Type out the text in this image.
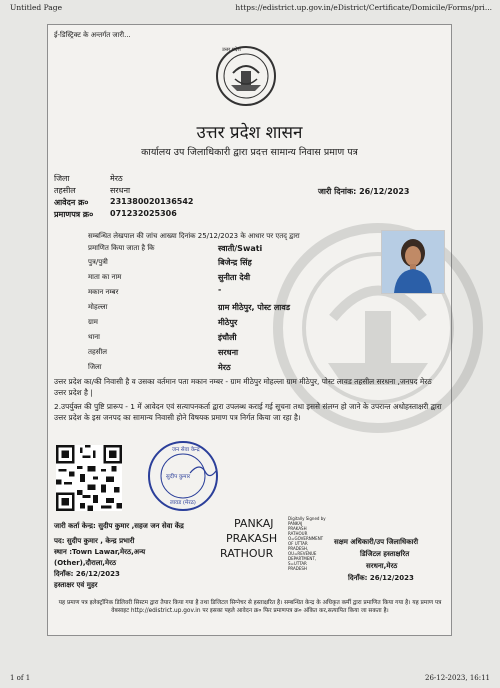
Untitled Page	https://edistrict.up.gov.in/eDistrict/Certificate/Domicile/Forms/pri...
ई-डिस्ट्रिक्ट के अन्तर्गत जारी...
उत्तर प्रदेश
उत्तर प्रदेश शासन
कार्यालय उप जिलाधिकारी द्वारा प्रदत्त सामान्य निवास प्रमाण पत्र
जिला	मेरठ
तहसील	सरधना
आवेदन क्र०	231380020136542
प्रमाणपत्र क्र० 071232025306
जारी दिनांक: 26/12/2023
सम्बन्धित लेखपाल की जांच आख्या दिनांक 25/12/2023 के आधार पर एतद् द्वारा
प्रमाणित किया जाता है कि	स्वाती/Swati
पुत्र/पुत्री	बिजेन्द्र सिंह
माता का नाम	सुनीता देवी
मकान नम्बर	-
मोहल्ला	ग्राम मीठेपुर, पोस्ट लावड
ग्राम	मीठेपुर
थाना	इंचौली
तहसील	सरधना
जिला	मेरठ
उत्तर प्रदेश का/की निवासी है व उसका वर्तमान पता मकान नम्बर - ग्राम मीठेपुर मोहल्ला ग्राम मीठेपुर, पोस्ट लावड तहसील सरधना ,जनपद मेरठ उत्तर प्रदेश है |
2.उपर्युक्त की पुष्टि प्रारूप - 1 में आवेदन एवं सत्यापनकर्ता द्वारा उपलब्ध कराई गई सूचना तथा इससे संलग्न हो जाने के उपरान्त अधोहस्ताक्षरी द्वारा उत्तर प्रदेश के इस जनपद का सामान्य निवासी होने विषयक प्रमाण पत्र निर्गत किया जा रहा है।
जन सेवा केन्द्र
सुदीप कुमार
लावड (मेरठ)
जारी कर्ता केन्द्र: सुदीप कुमार ,सहज जन सेवा केंद्र
पद: सुदीप कुमार , केन्द्र प्रभारी
स्थान :Town Lawar,मेरठ,अन्य
(Other),दौराला,मेरठ
दिनाँक: 26/12/2023
हस्ताक्षर एवं मुहर
PANKAJ
PRAKASH
RATHOUR
Digitally Signed by
PANKAJ
PRAKASH
RATHOUR
O=GOVERNMENT
OF UTTAR
PRADESH,
OU=REVENUE
DEPARTMENT,
S=UTTAR
PRADESH
सक्षम अधिकारी/उप जिलाधिकारी
डिजिटल हस्ताक्षरित
सरधना,मेरठ
दिनाँक: 26/12/2023
यह प्रमाण पत्र इलेक्ट्रॉनिक डिलिवरी सिस्टम द्वारा तैयार किया गया है तथा डिजिटल सिग्नेचर से हस्ताक्षरित है। सम्बन्धित केन्द्र के अधिकृत कर्मी द्वारा प्रमाणित किया गया है। यह प्रमाण पत्र वेबसाइट http://edistrict.up.gov.in पर इसका पहले आवेदन क्र० फिर प्रमाणपत्र क्र० अंकित कर,सत्यापित किया जा सकता है।
1 of 1	26-12-2023, 16:11
